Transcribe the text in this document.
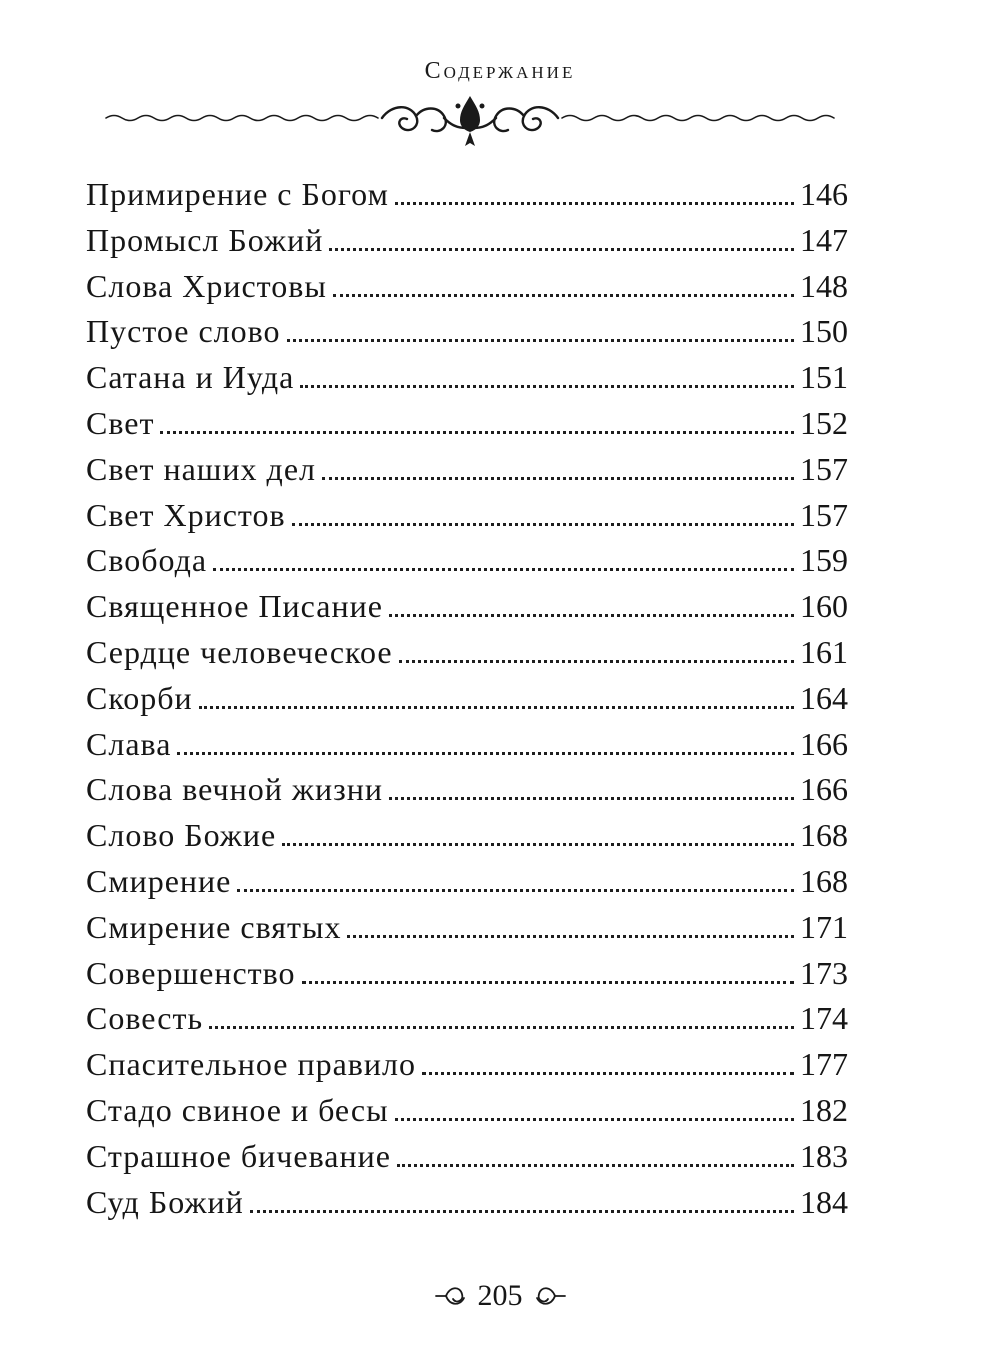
Содержание
Примирение с Богом	146
Промысл Божий	147
Слова Христовы	148
Пустое слово	150
Сатана и Иуда	151
Свет	152
Свет наших дел	157
Свет Христов	157
Свобода	159
Священное Писание	160
Сердце человеческое	161
Скорби	164
Слава	166
Слова вечной жизни	166
Слово Божие	168
Смирение	168
Смирение святых	171
Совершенство	173
Совесть	174
Спасительное правило	177
Стадо свиное и бесы	182
Страшное бичевание	183
Суд Божий	184
205
